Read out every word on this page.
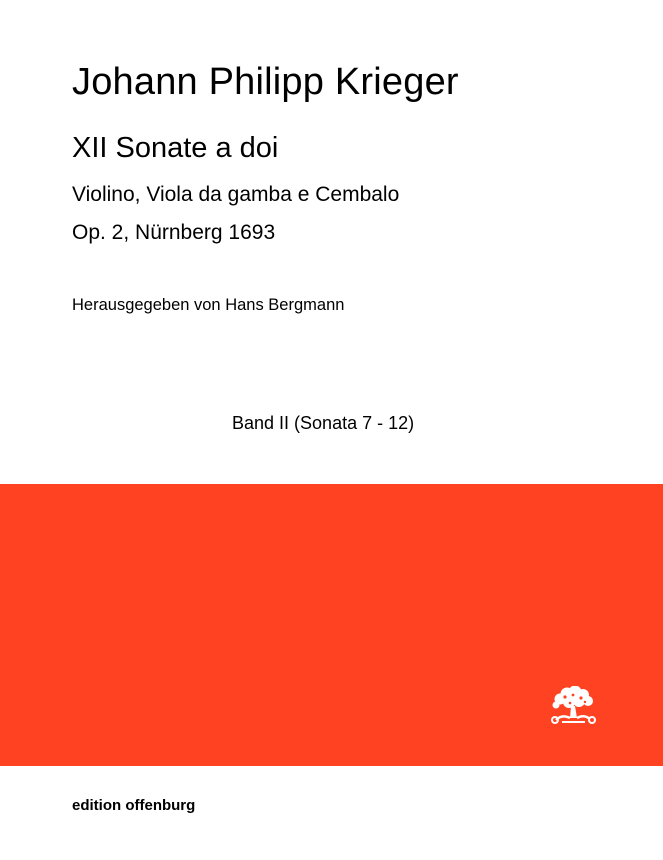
Johann Philipp Krieger
XII Sonate a doi
Violino, Viola da gamba e Cembalo
Op. 2, Nürnberg 1693
Herausgegeben von Hans Bergmann
Band II (Sonata 7 - 12)
edition offenburg
